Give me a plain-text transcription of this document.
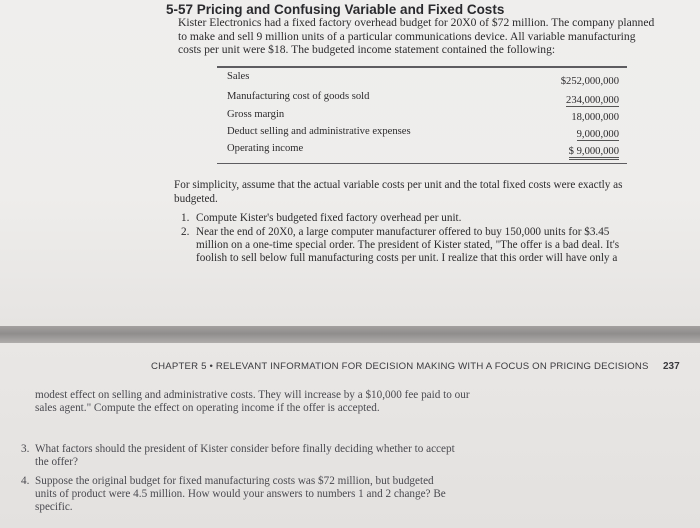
5-57 Pricing and Confusing Variable and Fixed Costs
Kister Electronics had a fixed factory overhead budget for 20X0 of $72 million. The company planned
to make and sell 9 million units of a particular communications device. All variable manufacturing
costs per unit were $18. The budgeted income statement contained the following:
Sales	$252,000,000
Manufacturing cost of goods sold	234,000,000
Gross margin	18,000,000
Deduct selling and administrative expenses	9,000,000
Operating income	$ 9,000,000
For simplicity, assume that the actual variable costs per unit and the total fixed costs were exactly as
budgeted.
1. Compute Kister's budgeted fixed factory overhead per unit.
2. Near the end of 20X0, a large computer manufacturer offered to buy 150,000 units for $3.45
million on a one-time special order. The president of Kister stated, "The offer is a bad deal. It's
foolish to sell below full manufacturing costs per unit. I realize that this order will have only a
CHAPTER 5 • RELEVANT INFORMATION FOR DECISION MAKING WITH A FOCUS ON PRICING DECISIONS 237
modest effect on selling and administrative costs. They will increase by a $10,000 fee paid to our
sales agent." Compute the effect on operating income if the offer is accepted.
3. What factors should the president of Kister consider before finally deciding whether to accept
the offer?
4. Suppose the original budget for fixed manufacturing costs was $72 million, but budgeted
units of product were 4.5 million. How would your answers to numbers 1 and 2 change? Be
specific.
